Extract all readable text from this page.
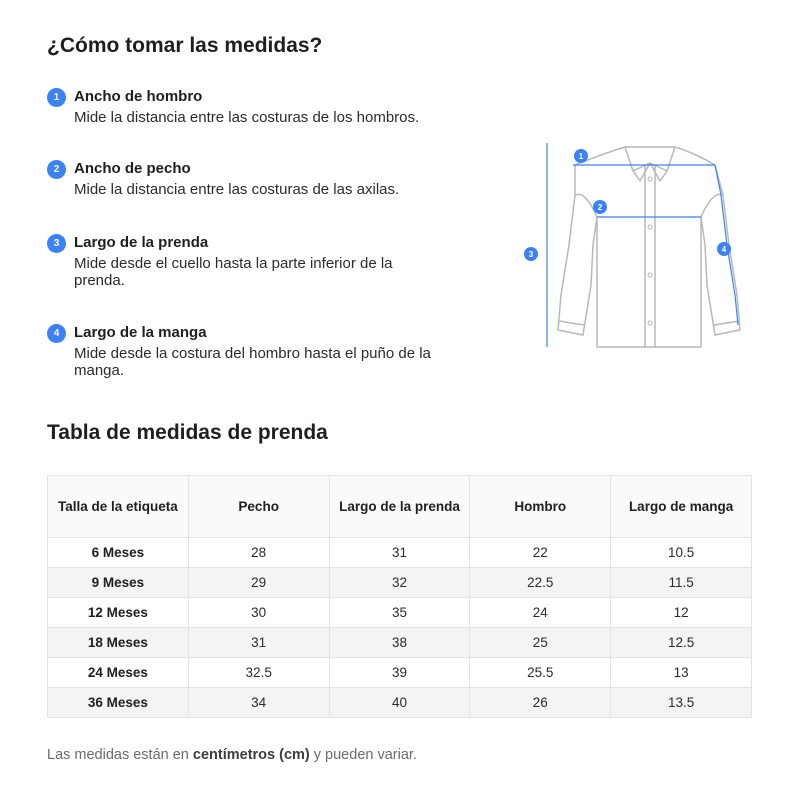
¿Cómo tomar las medidas?
1 Ancho de hombro
Mide la distancia entre las costuras de los hombros.
2 Ancho de pecho
Mide la distancia entre las costuras de las axilas.
3 Largo de la prenda
Mide desde el cuello hasta la parte inferior de la prenda.
4 Largo de la manga
Mide desde la costura del hombro hasta el puño de la manga.
1
2
3
4
Tabla de medidas de prenda
Talla de la etiqueta	Pecho	Largo de la prenda	Hombro	Largo de manga
6 Meses	28	31	22	10.5
9 Meses	29	32	22.5	11.5
12 Meses	30	35	24	12
18 Meses	31	38	25	12.5
24 Meses	32.5	39	25.5	13
36 Meses	34	40	26	13.5
Las medidas están en centímetros (cm) y pueden variar.
